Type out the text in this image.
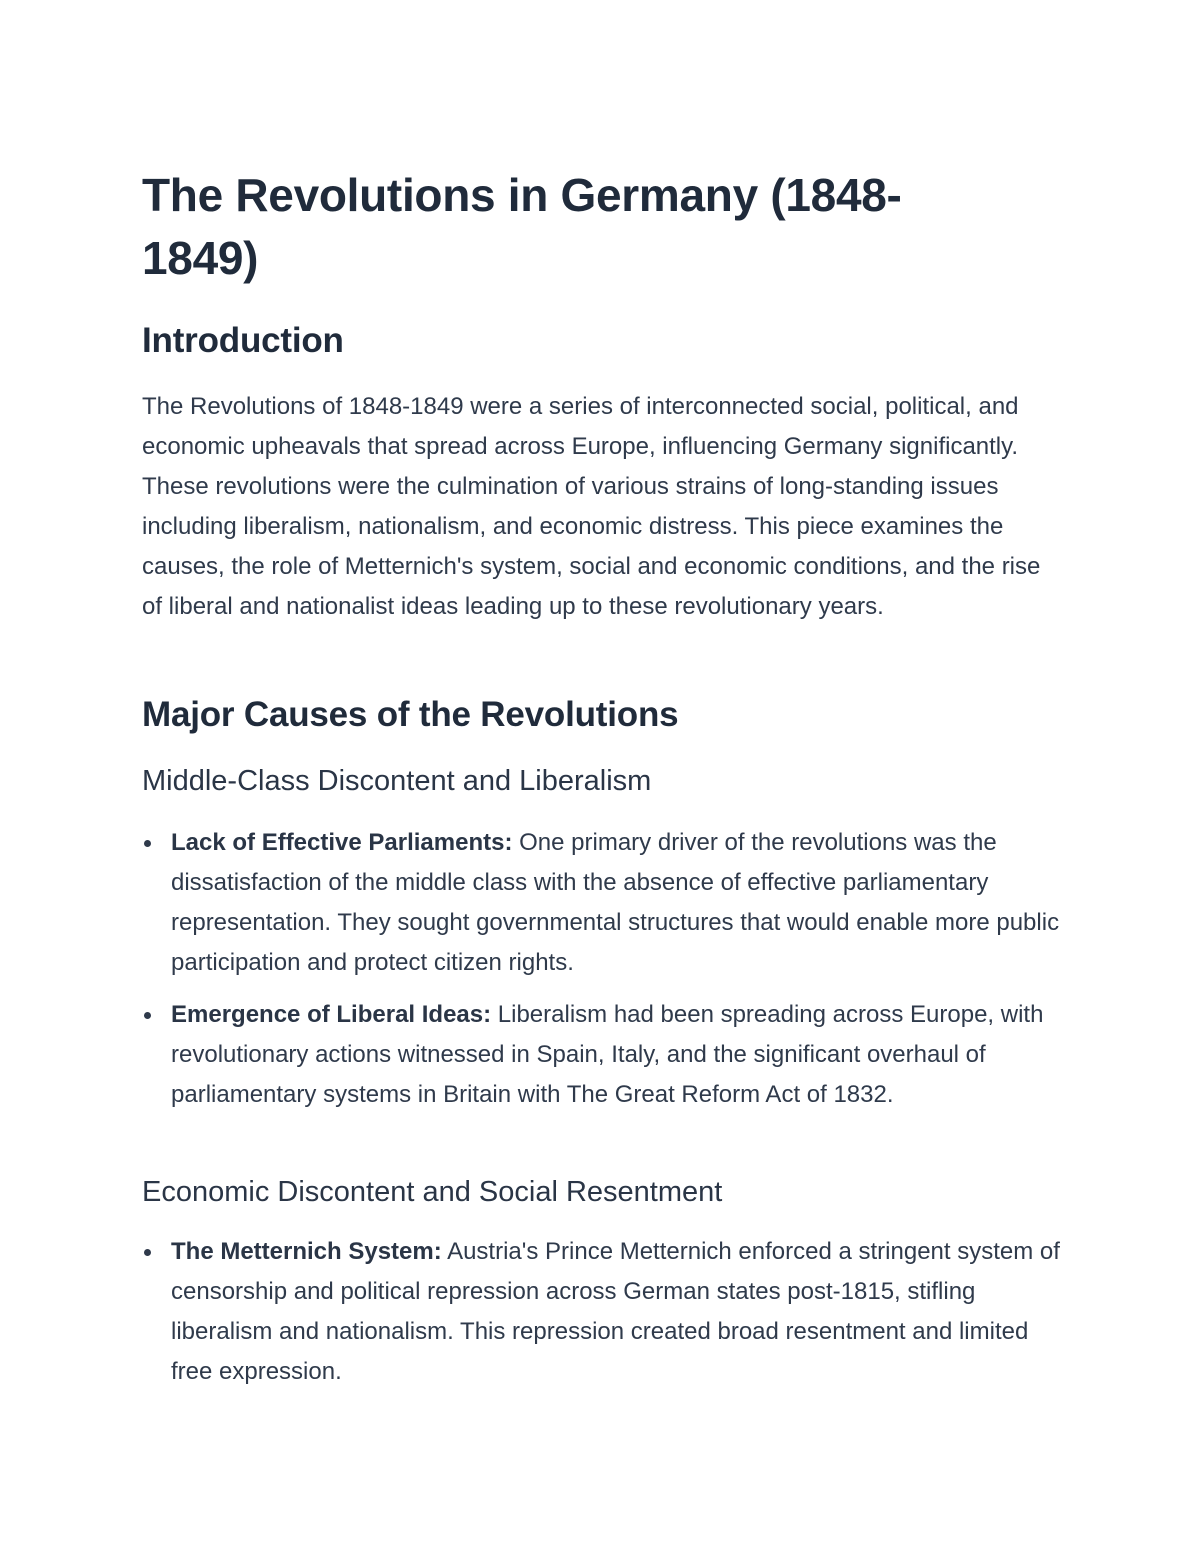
The Revolutions in Germany (1848-1849)
Introduction

The Revolutions of 1848-1849 were a series of interconnected social, political, and economic upheavals that spread across Europe, influencing Germany significantly. These revolutions were the culmination of various strains of long-standing issues including liberalism, nationalism, and economic distress. This piece examines the causes, the role of Metternich's system, social and economic conditions, and the rise of liberal and nationalist ideas leading up to these revolutionary years.

Major Causes of the Revolutions
Middle-Class Discontent and Liberalism
Lack of Effective Parliaments: One primary driver of the revolutions was the dissatisfaction of the middle class with the absence of effective parliamentary representation. They sought governmental structures that would enable more public participation and protect citizen rights.
Emergence of Liberal Ideas: Liberalism had been spreading across Europe, with revolutionary actions witnessed in Spain, Italy, and the significant overhaul of parliamentary systems in Britain with The Great Reform Act of 1832.
Economic Discontent and Social Resentment
The Metternich System: Austria's Prince Metternich enforced a stringent system of censorship and political repression across German states post-1815, stifling liberalism and nationalism. This repression created broad resentment and limited free expression.
